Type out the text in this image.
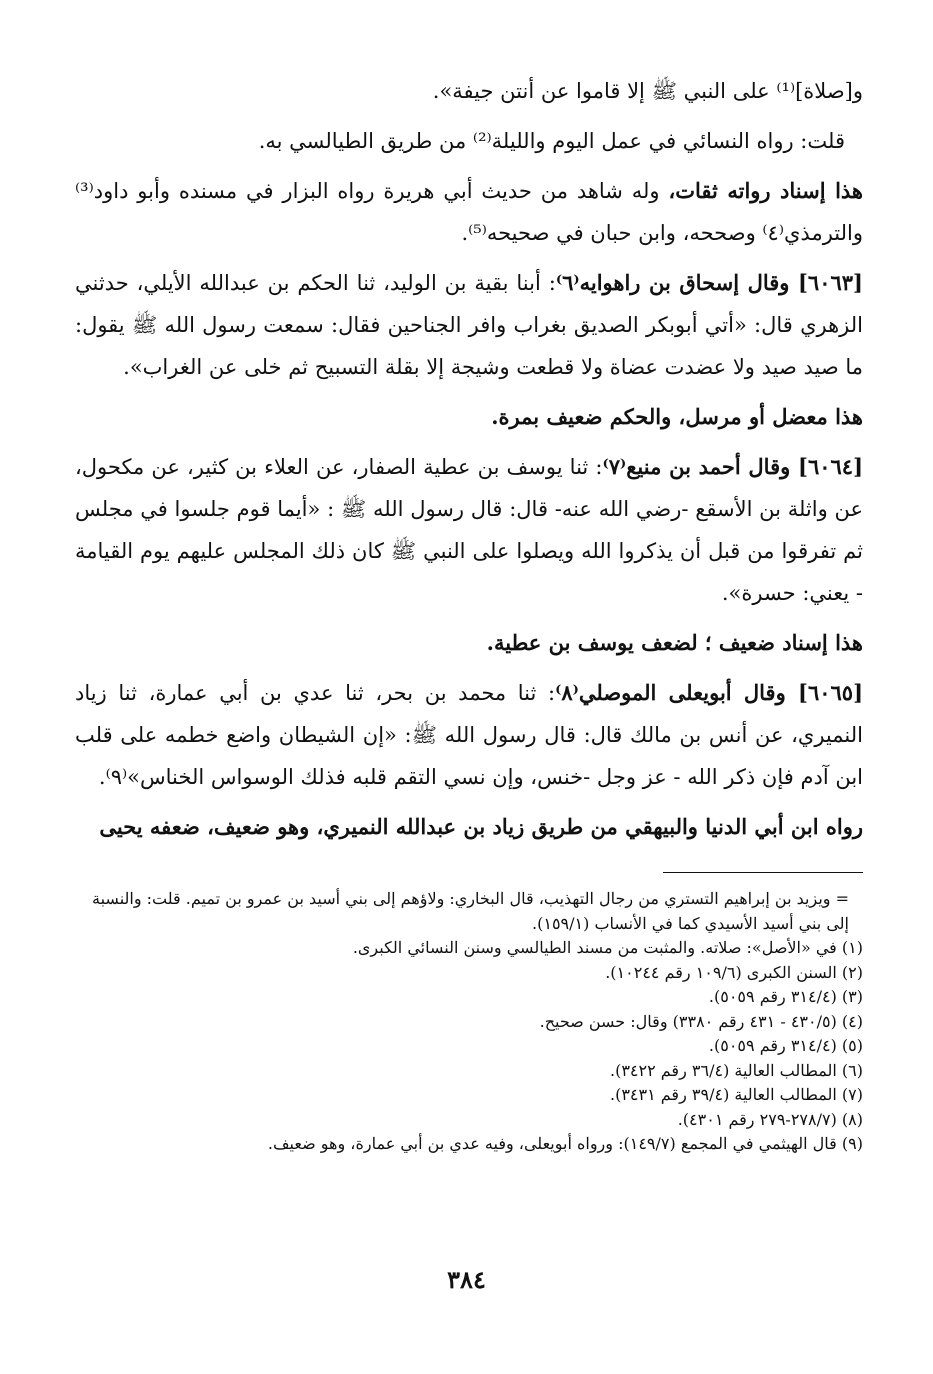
و[صلاة]⁽¹⁾ على النبي ﷺ إلا قاموا عن أنتن جيفة».

قلت: رواه النسائي في عمل اليوم والليلة⁽²⁾ من طريق الطيالسي به.

هذا إسناد رواته ثقات، وله شاهد من حديث أبي هريرة رواه البزار في مسنده وأبو داود⁽³⁾ والترمذي⁽٤⁾ وصححه، وابن حبان في صحيحه⁽⁵⁾.

[٦٠٦٣] وقال إسحاق بن راهوايه⁽٦⁾: أبنا بقية بن الوليد، ثنا الحكم بن عبدالله الأيلي، حدثني الزهري قال: «أتي أبوبكر الصديق بغراب وافر الجناحين فقال: سمعت رسول الله ﷺ يقول: ما صيد صيد ولا عضدت عضاة ولا قطعت وشيجة إلا بقلة التسبيح ثم خلى عن الغراب».

هذا معضل أو مرسل، والحكم ضعيف بمرة.

[٦٠٦٤] وقال أحمد بن منيع⁽٧⁾: ثنا يوسف بن عطية الصفار، عن العلاء بن كثير، عن مكحول، عن واثلة بن الأسقع -رضي الله عنه- قال: قال رسول الله ﷺ : «أيما قوم جلسوا في مجلس ثم تفرقوا من قبل أن يذكروا الله ويصلوا على النبي ﷺ كان ذلك المجلس عليهم يوم القيامة - يعني: حسرة».

هذا إسناد ضعيف ؛ لضعف يوسف بن عطية.

[٦٠٦٥] وقال أبويعلى الموصلي⁽٨⁾: ثنا محمد بن بحر، ثنا عدي بن أبي عمارة، ثنا زياد النميري، عن أنس بن مالك قال: قال رسول الله ﷺ: «إن الشيطان واضع خطمه على قلب ابن آدم فإن ذكر الله - عز وجل -خنس، وإن نسي التقم قلبه فذلك الوسواس الخناس»⁽٩⁾.

رواه ابن أبي الدنيا والبيهقي من طريق زياد بن عبدالله النميري، وهو ضعيف، ضعفه يحيى

= ويزيد بن إبراهيم التستري من رجال التهذيب، قال البخاري: ولاؤهم إلى بني أسيد بن عمرو بن تميم. قلت: والنسبة إلى بني أسيد الأسيدي كما في الأنساب (١٥٩/١).

(١) في «الأصل»: صلاته. والمثبت من مسند الطيالسي وسنن النسائي الكبرى.

(٢) السنن الكبرى (١٠٩/٦ رقم ١٠٢٤٤).

(٣) (٣١٤/٤ رقم ٥٠٥٩).

(٤) (٤٣٠/٥ - ٤٣١ رقم ٣٣٨٠) وقال: حسن صحيح.

(٥) (٣١٤/٤ رقم ٥٠٥٩).

(٦) المطالب العالية (٣٦/٤ رقم ٣٤٢٢).

(٧) المطالب العالية (٣٩/٤ رقم ٣٤٣١).

(٨) (٢٧٨/٧-٢٧٩ رقم ٤٣٠١).

(٩) قال الهيثمي في المجمع (١٤٩/٧): ورواه أبويعلى، وفيه عدي بن أبي عمارة، وهو ضعيف.

٣٨٤
